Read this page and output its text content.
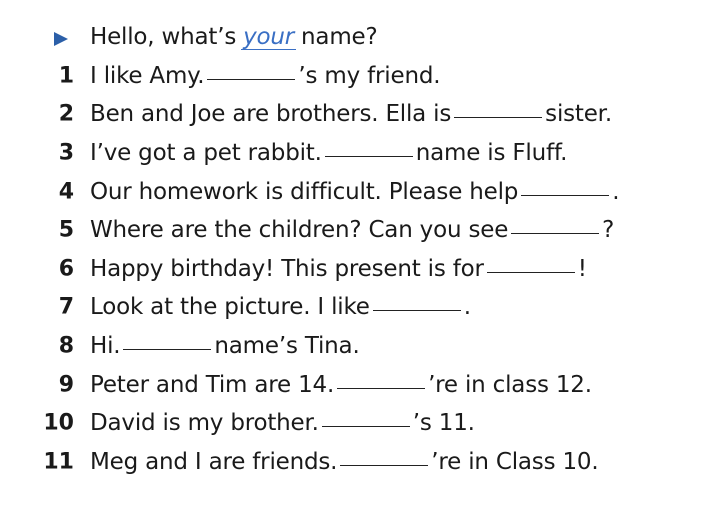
Hello, what’s your name?
1 I like Amy.	’s my friend.
2 Ben and Joe are brothers. Ella is	sister.
3 I’ve got a pet rabbit.	name is Fluff.
4 Our homework is difficult. Please help	.
5 Where are the children? Can you see	?
6 Happy birthday! This present is for	!
7 Look at the picture. I like	.
8 Hi.	name’s Tina.
9 Peter and Tim are 14.	’re in class 12.
10 David is my brother.	’s 11.
11 Meg and I are friends.	’re in Class 10.
